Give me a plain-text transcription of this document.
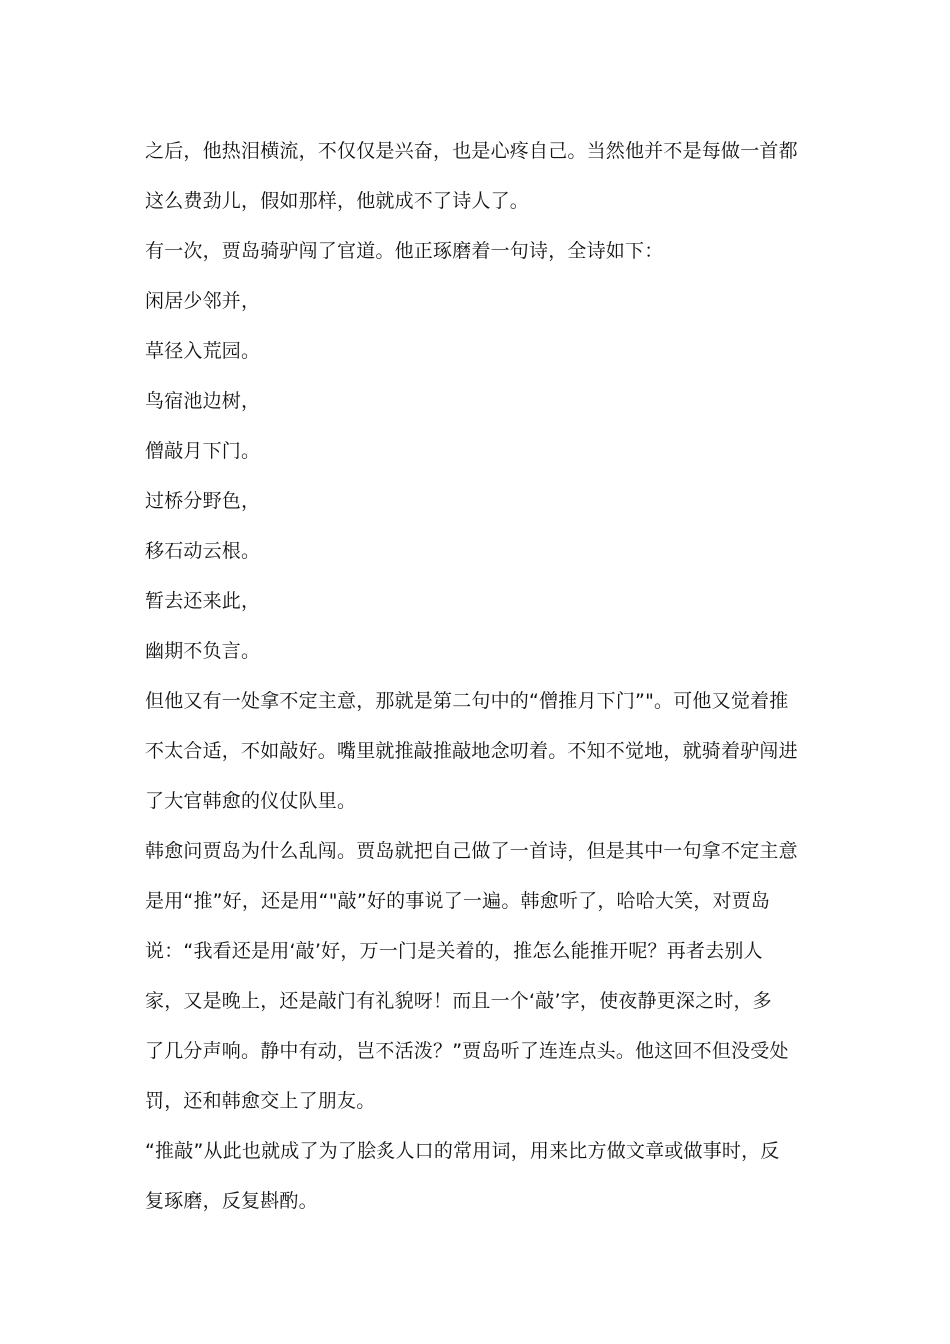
之后，他热泪横流，不仅仅是兴奋，也是心疼自己。当然他并不是每做一首都
这么费劲儿，假如那样，他就成不了诗人了。
有一次，贾岛骑驴闯了官道。他正琢磨着一句诗，全诗如下：
闲居少邻并，
草径入荒园。
鸟宿池边树，
僧敲月下门。
过桥分野色，
移石动云根。
暂去还来此，
幽期不负言。
但他又有一处拿不定主意，那就是第二句中的“僧推月下门”"。可他又觉着推
不太合适，不如敲好。嘴里就推敲推敲地念叨着。不知不觉地，就骑着驴闯进
了大官韩愈的仪仗队里。
韩愈问贾岛为什么乱闯。贾岛就把自己做了一首诗，但是其中一句拿不定主意
是用“推”好，还是用“"敲”好的事说了一遍。韩愈听了，哈哈大笑，对贾岛
说：“我看还是用‘敲’好，万一门是关着的，推怎么能推开呢？再者去别人
家，又是晚上，还是敲门有礼貌呀！而且一个‘敲’字，使夜静更深之时，多
了几分声响。静中有动，岂不活泼？”贾岛听了连连点头。他这回不但没受处
罚，还和韩愈交上了朋友。
“推敲”从此也就成了为了脍炙人口的常用词，用来比方做文章或做事时，反
复琢磨，反复斟酌。
